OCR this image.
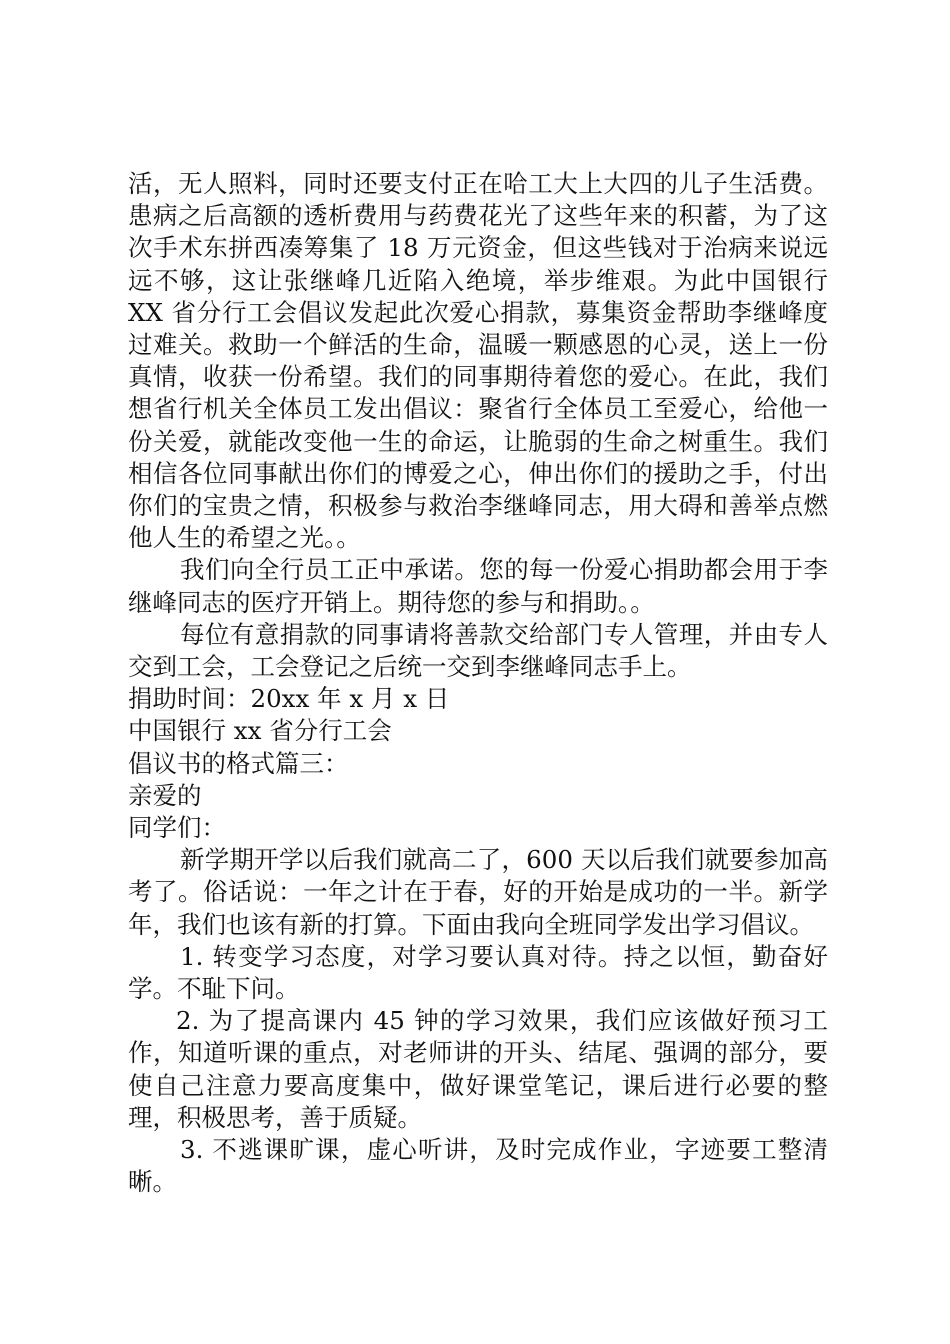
活，无人照料，同时还要支付正在哈工大上大四的儿子生活费。患病之后高额的透析费用与药费花光了这些年来的积蓄，为了这次手术东拼西凑筹集了 18 万元资金，但这些钱对于治病来说远远不够，这让张继峰几近陷入绝境，举步维艰。为此中国银行 XX 省分行工会倡议发起此次爱心捐款，募集资金帮助李继峰度过难关。救助一个鲜活的生命，温暖一颗感恩的心灵，送上一份真情，收获一份希望。我们的同事期待着您的爱心。在此，我们想省行机关全体员工发出倡议：聚省行全体员工至爱心，给他一份关爱，就能改变他一生的命运，让脆弱的生命之树重生。我们相信各位同事献出你们的博爱之心，伸出你们的援助之手，付出你们的宝贵之情，积极参与救治李继峰同志，用大碍和善举点燃他人生的希望之光。。

我们向全行员工正中承诺。您的每一份爱心捐助都会用于李继峰同志的医疗开销上。期待您的参与和捐助。。

每位有意捐款的同事请将善款交给部门专人管理，并由专人交到工会，工会登记之后统一交到李继峰同志手上。

捐助时间：20xx 年 x 月 x 日

中国银行 xx 省分行工会

倡议书的格式篇三：

亲爱的

同学们：

新学期开学以后我们就高二了，600 天以后我们就要参加高考了。俗话说：一年之计在于春，好的开始是成功的一半。新学年，我们也该有新的打算。下面由我向全班同学发出学习倡议。

1. 转变学习态度，对学习要认真对待。持之以恒，勤奋好学。不耻下问。

2. 为了提高课内 45 钟的学习效果，我们应该做好预习工作，知道听课的重点，对老师讲的开头、结尾、强调的部分，要使自己注意力要高度集中，做好课堂笔记，课后进行必要的整理，积极思考，善于质疑。

3. 不逃课旷课，虚心听讲，及时完成作业，字迹要工整清晰。
